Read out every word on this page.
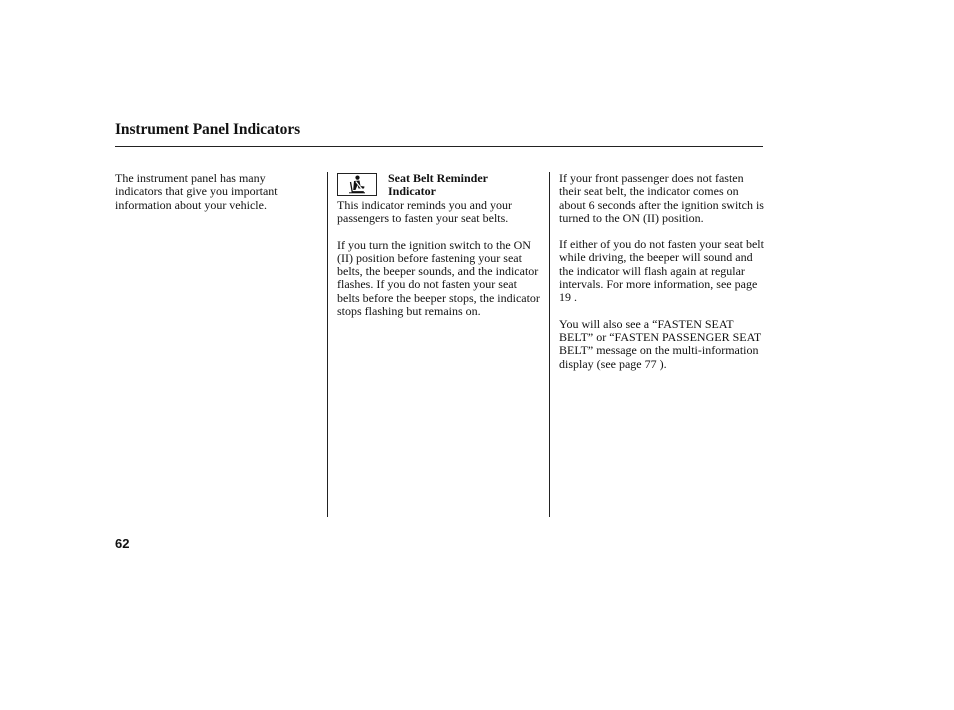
Instrument Panel Indicators

The instrument panel has many indicators that give you important information about your vehicle.

Seat Belt Reminder Indicator

This indicator reminds you and your passengers to fasten your seat belts.

If you turn the ignition switch to the ON (II) position before fastening your seat belts, the beeper sounds, and the indicator flashes. If you do not fasten your seat belts before the beeper stops, the indicator stops flashing but remains on.

If your front passenger does not fasten their seat belt, the indicator comes on about 6 seconds after the ignition switch is turned to the ON (II) position.

If either of you do not fasten your seat belt while driving, the beeper will sound and the indicator will flash again at regular intervals. For more information, see page 19 .

You will also see a “FASTEN SEAT BELT” or “FASTEN PASSENGER SEAT BELT” message on the multi-information display (see page 77 ).

62
